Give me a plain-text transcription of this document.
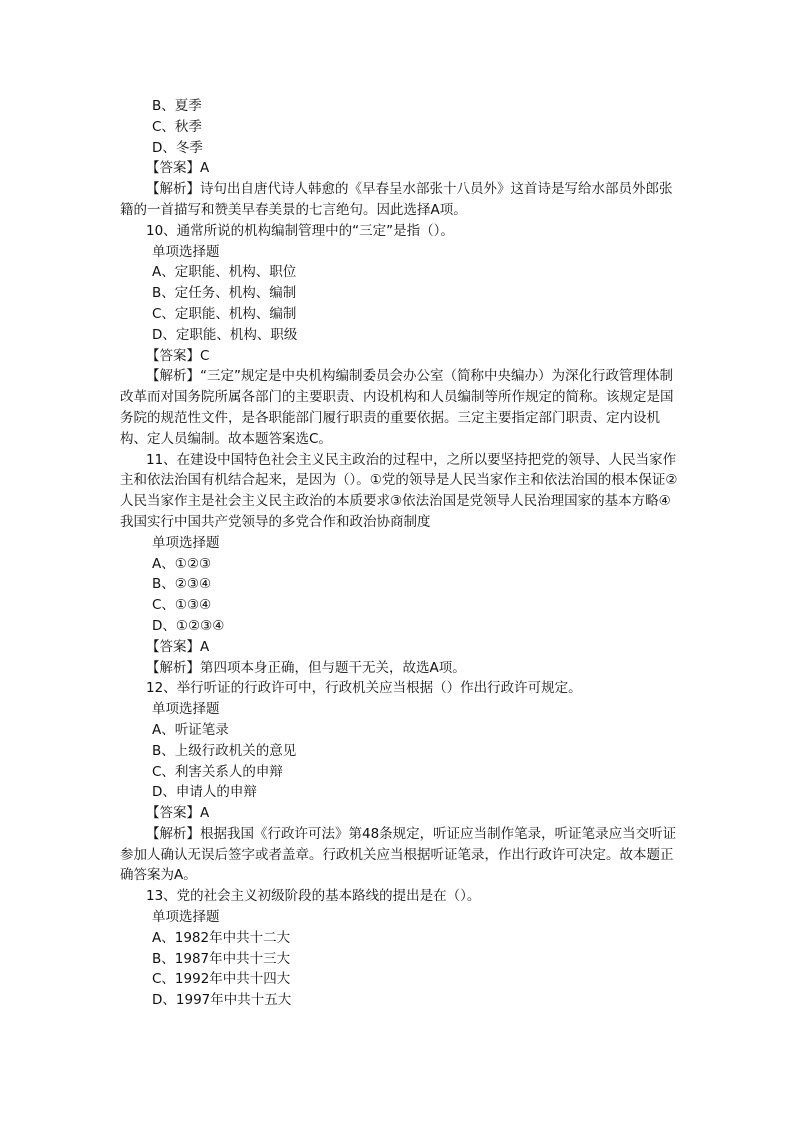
B、夏季
C、秋季
D、冬季
【答案】A
【解析】诗句出自唐代诗人韩愈的《早春呈水部张十八员外》这首诗是写给水部员外郎张籍的一首描写和赞美早春美景的七言绝句。因此选择A项。
10、通常所说的机构编制管理中的“三定”是指（）。
单项选择题
A、定职能、机构、职位
B、定任务、机构、编制
C、定职能、机构、编制
D、定职能、机构、职级
【答案】C
【解析】“三定”规定是中央机构编制委员会办公室（简称中央编办）为深化行政管理体制改革而对国务院所属各部门的主要职责、内设机构和人员编制等所作规定的简称。该规定是国务院的规范性文件，是各职能部门履行职责的重要依据。三定主要指定部门职责、定内设机构、定人员编制。故本题答案选C。
11、在建设中国特色社会主义民主政治的过程中，之所以要坚持把党的领导、人民当家作主和依法治国有机结合起来，是因为（）。①党的领导是人民当家作主和依法治国的根本保证②人民当家作主是社会主义民主政治的本质要求③依法治国是党领导人民治理国家的基本方略④我国实行中国共产党领导的多党合作和政治协商制度
单项选择题
A、①②③
B、②③④
C、①③④
D、①②③④
【答案】A
【解析】第四项本身正确，但与题干无关，故选A项。
12、举行听证的行政许可中，行政机关应当根据（）作出行政许可规定。
单项选择题
A、听证笔录
B、上级行政机关的意见
C、利害关系人的申辩
D、申请人的申辩
【答案】A
【解析】根据我国《行政许可法》第48条规定，听证应当制作笔录，听证笔录应当交听证参加人确认无误后签字或者盖章。行政机关应当根据听证笔录，作出行政许可决定。故本题正确答案为A。
13、党的社会主义初级阶段的基本路线的提出是在（）。
单项选择题
A、1982年中共十二大
B、1987年中共十三大
C、1992年中共十四大
D、1997年中共十五大
